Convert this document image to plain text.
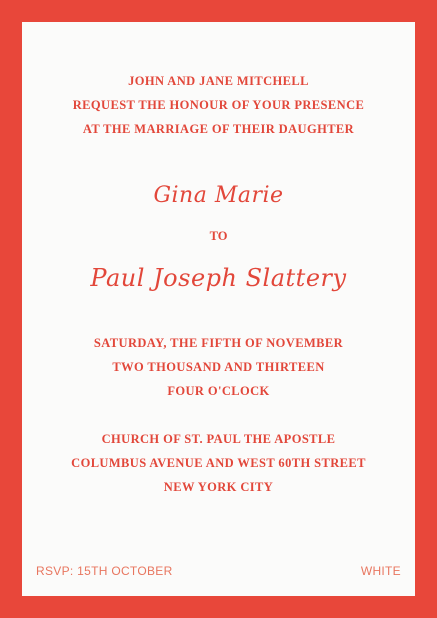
JOHN AND JANE MITCHELL
REQUEST THE HONOUR OF YOUR PRESENCE
AT THE MARRIAGE OF THEIR DAUGHTER
Gina Marie
TO
Paul Joseph Slattery
SATURDAY, THE FIFTH OF NOVEMBER
TWO THOUSAND AND THIRTEEN
FOUR O'CLOCK
CHURCH OF ST. PAUL THE APOSTLE
COLUMBUS AVENUE AND WEST 60TH STREET
NEW YORK CITY
RSVP: 15TH OCTOBER	WHITE
